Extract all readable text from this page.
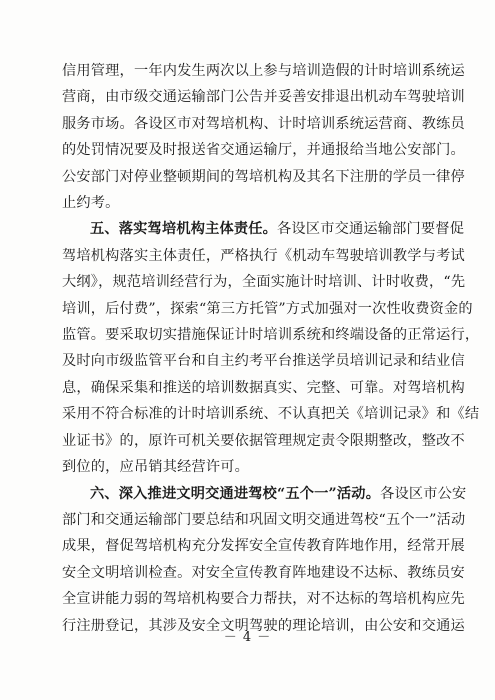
信用管理，一年内发生两次以上参与培训造假的计时培训系统运
营商，由市级交通运输部门公告并妥善安排退出机动车驾驶培训
服务市场。各设区市对驾培机构、计时培训系统运营商、教练员
的处罚情况要及时报送省交通运输厅，并通报给当地公安部门。
公安部门对停业整顿期间的驾培机构及其名下注册的学员一律停
止约考。

五、落实驾培机构主体责任。各设区市交通运输部门要督促
驾培机构落实主体责任，严格执行《机动车驾驶培训教学与考试
大纲》，规范培训经营行为，全面实施计时培训、计时收费，“先
培训，后付费”，探索“第三方托管”方式加强对一次性收费资金的
监管。要采取切实措施保证计时培训系统和终端设备的正常运行，
及时向市级监管平台和自主约考平台推送学员培训记录和结业信
息，确保采集和推送的培训数据真实、完整、可靠。对驾培机构
采用不符合标准的计时培训系统、不认真把关《培训记录》和《结
业证书》的，原许可机关要依据管理规定责令限期整改，整改不
到位的，应吊销其经营许可。

六、深入推进文明交通进驾校“五个一”活动。各设区市公安
部门和交通运输部门要总结和巩固文明交通进驾校“五个一”活动
成果，督促驾培机构充分发挥安全宣传教育阵地作用，经常开展
安全文明培训检查。对安全宣传教育阵地建设不达标、教练员安
全宣讲能力弱的驾培机构要合力帮扶，对不达标的驾培机构应先
行注册登记，其涉及安全文明驾驶的理论培训，由公安和交通运

－ 4 －
